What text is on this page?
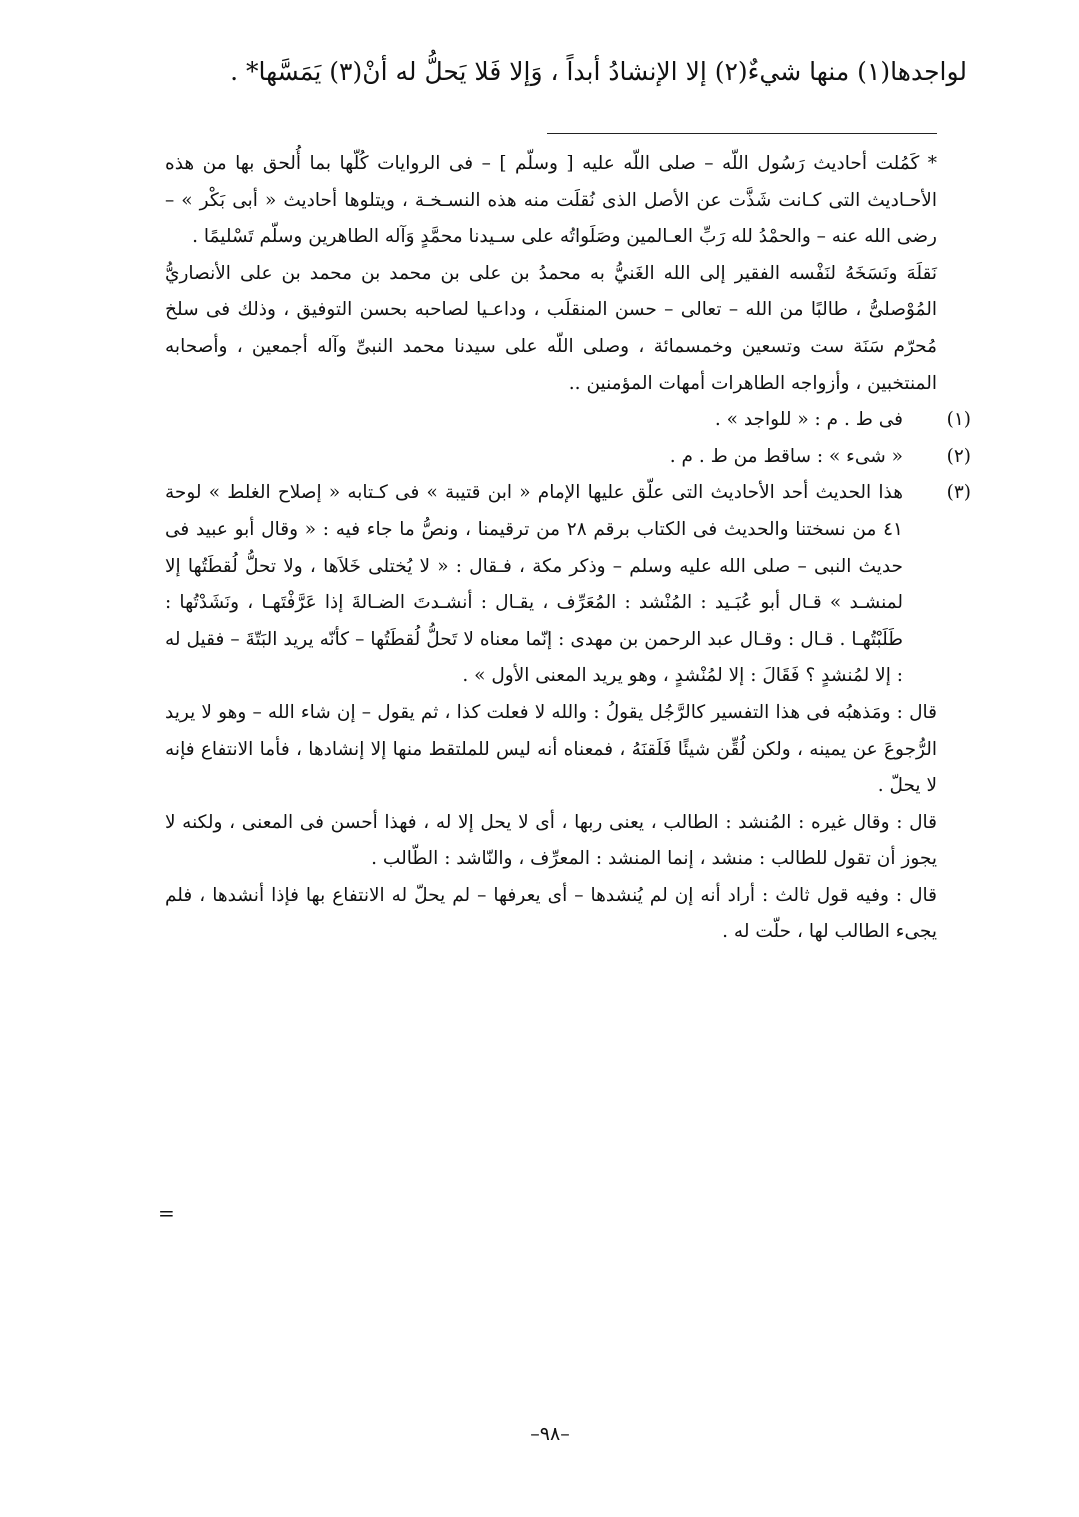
لواجدها(١) منها شيءٌ(٢) إلا الإنشادُ أبداً ، وَإلا فَلا يَحلُّ له أنْ(٣) يَمَسَّها* .

* كَمُلت أحاديث رَسُول اللّه – صلى اللّه عليه [ وسلّم ] – فى الروايات كُلّها بما أُلحق بها من هذه الأحـاديث التى كـانت شَذَّت عن الأصل الذى نُقلَت منه هذه النسـخـة ، ويتلوها أحاديث « أبى بَكْر » – رضى الله عنه – والحمْدُ لله رَبِّ العـالمين وصَلَواتُه على سـيدنا محمَّدٍ وَآله الطاهرين وسلّم تَسْليمًا .

نَقلَهَ ونَسَخَهُ لنَفْسه الفقير إلى الله الغَنيُّ به محمدُ بن على بن محمد بن محمد بن على الأنصاريُّ المُوْصلىُّ ، طالبًا من الله – تعالى – حسن المنقلَب ، وداعـيا لصاحبه بحسن التوفيق ، وذلك فى سلخ مُحرّم سَنَة ست وتسعين وخمسمائة ، وصلى اللّه على سيدنا محمد النبىِّ وآله أجمعين ، وأصحابه المنتخبين ، وأزواجه الطاهرات أمهات المؤمنين ..

(١)فى ط . م : « للواجد » .

(٢)« شىء » : ساقط من ط . م .

(٣)هذا الحديث أحد الأحاديث التى علّق عليها الإمام « ابن قتيبة » فى كـتابه « إصلاح الغلط » لوحة ٤١ من نسختنا والحديث فى الكتاب برقم ٢٨ من ترقيمنا ، ونصُّ ما جاء فيه : « وقال أبو عبيد فى حديث النبى – صلى الله عليه وسلم – وذكر مكة ، فـقال : « لا يُختلى خَلاَها ، ولا تحلُّ لُقطَتُها إلا لمنشـد » قـال أبو عُبَـيد : المُنْشد : المُعَرِّف ، يقـال : أنشـدتَ الضـالةَ إذا عَرَّفْتَهـا ، ونَشَدْتُها : طَلَبْتُهـا . قـال : وقـال عبد الرحمن بن مهدى : إنّما معناه لا تَحلُّ لُقطَتُها – كأنّه يريد البَتّةَ – فقيل له : إلا لمُنشدٍ ؟ فَقَالَ : إلا لمُنْشدٍ ، وهو يريد المعنى الأول » .

قال : ومَذهبُه فى هذا التفسير كالرَّجُل يقولُ : والله لا فعلت كذا ، ثم يقول – إن شاء الله – وهو لا يريد الرُّجوعَ عن يمينه ، ولكن لُقِّن شيئًا فَلَقنَهُ ، فمعناه أنه ليس للملتقط منها إلا إنشادها ، فأما الانتفاع فإنه لا يحلّ .

قال : وقال غيره : المُنشد : الطالب ، يعنى ربها ، أى لا يحل إلا له ، فهذا أحسن فى المعنى ، ولكنه لا يجوز أن تقول للطالب : منشد ، إنما المنشد : المعرِّف ، والنّاشد : الطّالب .

قال : وفيه قول ثالث : أراد أنه إن لم يُنشدها – أى يعرفها – لم يحلّ له الانتفاع بها فإذا أنشدها ، فلم يجىء الطالب لها ، حلّت له .

=
–٩٨–
